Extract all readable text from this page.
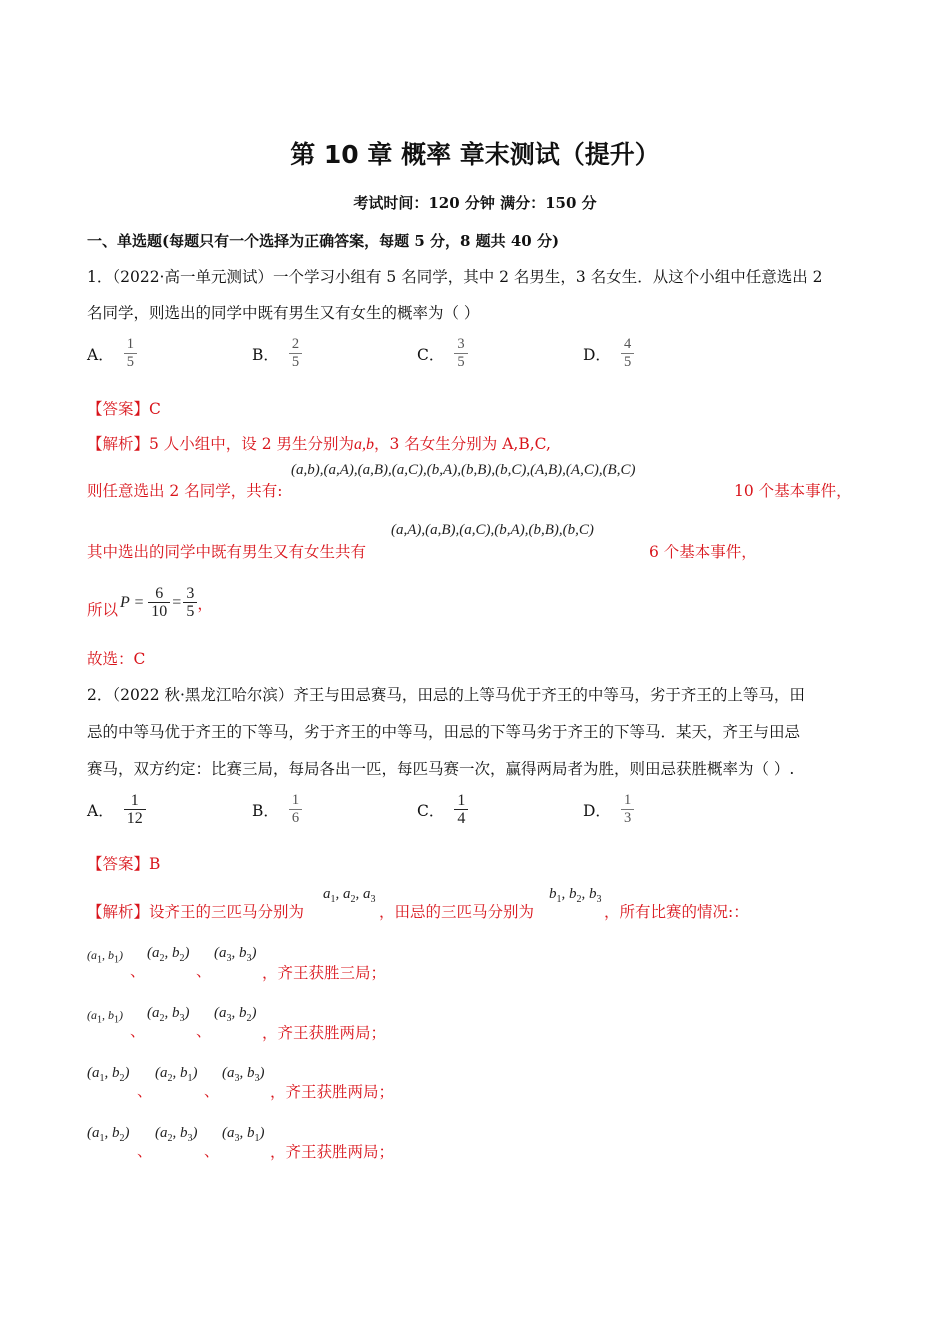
第 10 章 概率 章末测试（提升）
考试时间：120 分钟 满分：150 分
一、单选题(每题只有一个选择为正确答案，每题 5 分，8 题共 40 分)
1．（2022·高一单元测试）一个学习小组有 5 名同学，其中 2 名男生，3 名女生．从这个小组中任意选出 2
名同学，则选出的同学中既有男生又有女生的概率为（ ）
A． $\frac{1}{5}$	B． $\frac{2}{5}$	C． $\frac{3}{5}$	D． $\frac{4}{5}$
【答案】C
【解析】5 人小组中，设 2 男生分别为a,b，3 名女生分别为 A,B,C,
则任意选出 2 名同学，共有:
(a,b),(a,A),(a,B),(a,C),(b,A),(b,B),(b,C),(A,B),(A,C),(B,C)
10 个基本事件，
其中选出的同学中既有男生又有女生共有
(a,A),(a,B),(a,C),(b,A),(b,B),(b,C)
6 个基本事件，
所以 $P = \frac{6}{10} = \frac{3}{5}$ ，
故选：C
2．（2022 秋·黑龙江哈尔滨）齐王与田忌赛马，田忌的上等马优于齐王的中等马，劣于齐王的上等马，田
忌的中等马优于齐王的下等马，劣于齐王的中等马，田忌的下等马劣于齐王的下等马．某天，齐王与田忌
赛马，双方约定：比赛三局，每局各出一匹，每匹马赛一次，赢得两局者为胜，则田忌获胜概率为（ ）.
A． $\frac{1}{12}$	B． $\frac{1}{6}$	C． $\frac{1}{4}$	D． $\frac{1}{3}$
【答案】B
【解析】设齐王的三匹马分别为
$a_1$, $a_2$, $a_3$
，田忌的三匹马分别为
$b_1$, $b_2$, $b_3$
，所有比赛的情况:：
($a_1$, $b_1$)
、
($a_2$, $b_2$)
、
($a_3$, $b_3$)
，齐王获胜三局；
($a_1$, $b_1$)
、
($a_2$, $b_3$)
、
($a_3$, $b_2$)
，齐王获胜两局；
($a_1$, $b_2$)
、
($a_2$, $b_1$)
、
($a_3$, $b_3$)
，齐王获胜两局；
($a_1$, $b_2$)
、
($a_2$, $b_3$)
、
($a_3$, $b_1$)
，齐王获胜两局；
